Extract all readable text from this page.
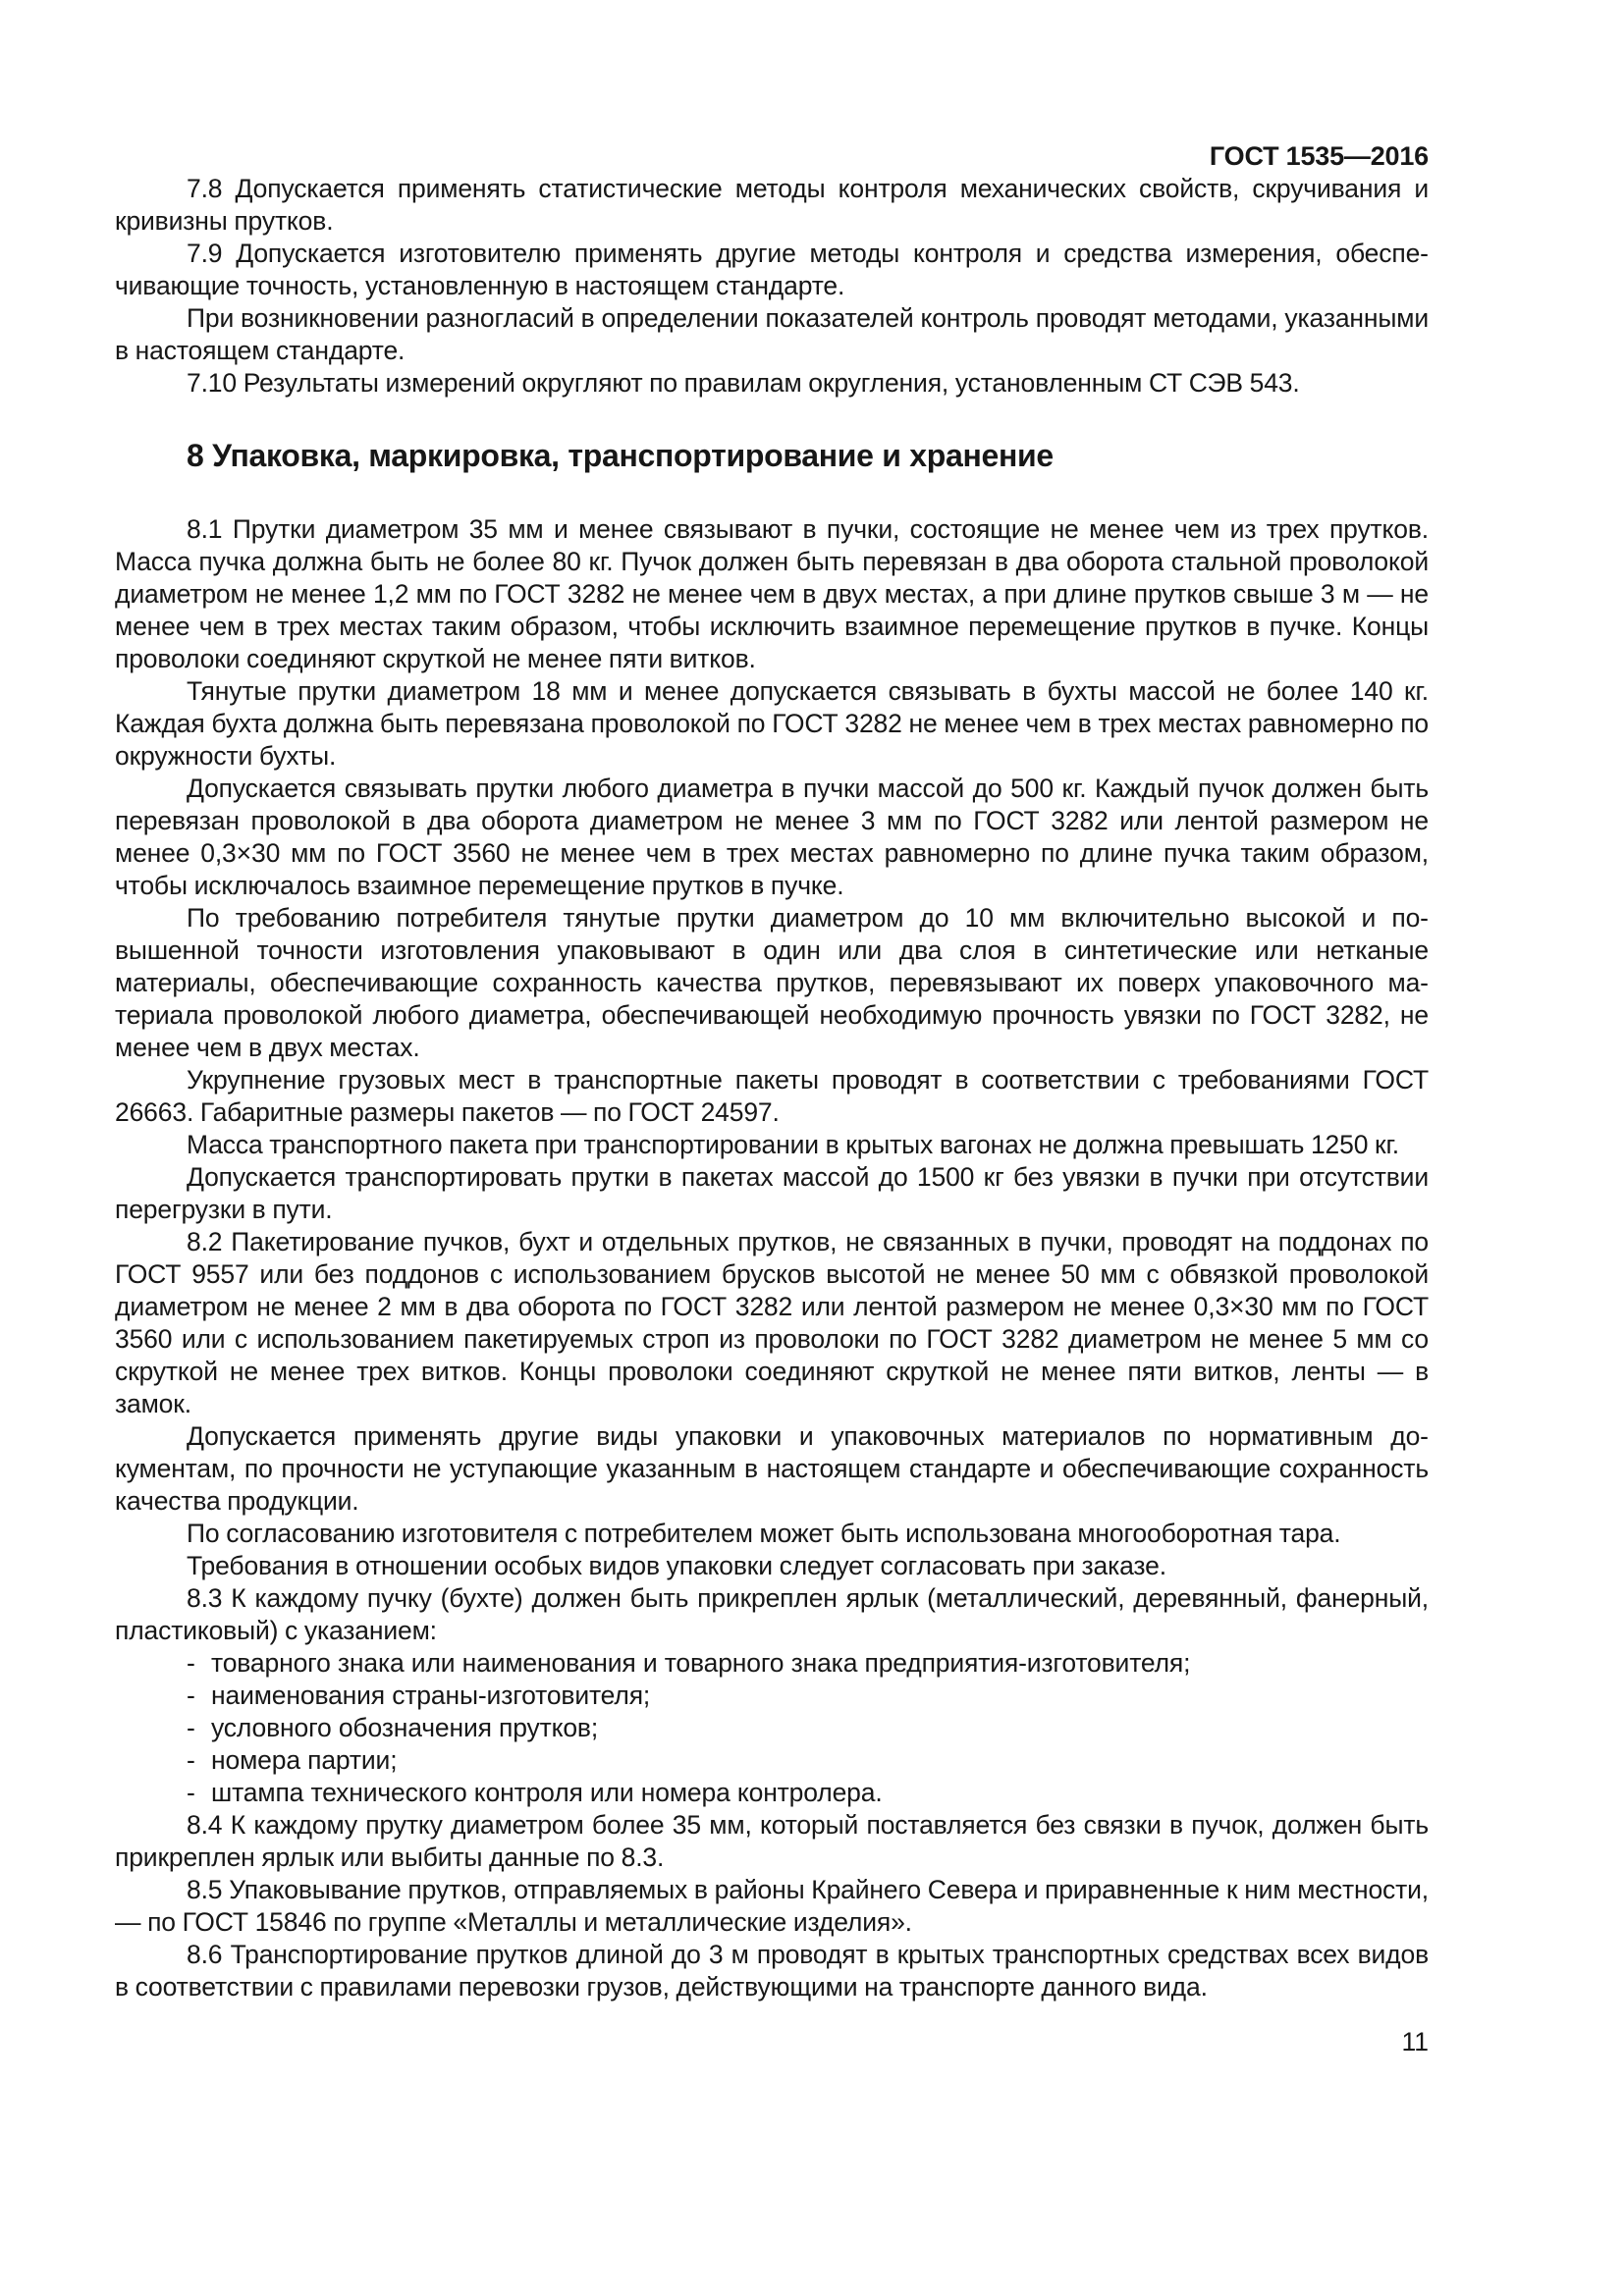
ГОСТ 1535—2016

7.8 Допускается применять статистические методы контроля механических свойств, скручивания и кривизны прутков.

7.9 Допускается изготовителю применять другие методы контроля и средства измерения, обеспечивающие точность, установленную в настоящем стандарте.

При возникновении разногласий в определении показателей контроль проводят методами, указанными в настоящем стандарте.

7.10 Результаты измерений округляют по правилам округления, установленным СТ СЭВ 543.

8 Упаковка, маркировка, транспортирование и хранение

8.1 Прутки диаметром 35 мм и менее связывают в пучки, состоящие не менее чем из трех прутков. Масса пучка должна быть не более 80 кг. Пучок должен быть перевязан в два оборота стальной проволокой диаметром не менее 1,2 мм по ГОСТ 3282 не менее чем в двух местах, а при длине прутков свыше 3 м — не менее чем в трех местах таким образом, чтобы исключить взаимное перемещение прутков в пучке. Концы проволоки соединяют скруткой не менее пяти витков.

Тянутые прутки диаметром 18 мм и менее допускается связывать в бухты массой не более 140 кг. Каждая бухта должна быть перевязана проволокой по ГОСТ 3282 не менее чем в трех местах равномерно по окружности бухты.

Допускается связывать прутки любого диаметра в пучки массой до 500 кг. Каждый пучок должен быть перевязан проволокой в два оборота диаметром не менее 3 мм по ГОСТ 3282 или лентой размером не менее 0,3×30 мм по ГОСТ 3560 не менее чем в трех местах равномерно по длине пучка таким образом, чтобы исключалось взаимное перемещение прутков в пучке.

По требованию потребителя тянутые прутки диаметром до 10 мм включительно высокой и повышенной точности изготовления упаковывают в один или два слоя в синтетические или нетканые материалы, обеспечивающие сохранность качества прутков, перевязывают их поверх упаковочного материала проволокой любого диаметра, обеспечивающей необходимую прочность увязки по ГОСТ 3282, не менее чем в двух местах.

Укрупнение грузовых мест в транспортные пакеты проводят в соответствии с требованиями ГОСТ 26663. Габаритные размеры пакетов — по ГОСТ 24597.

Масса транспортного пакета при транспортировании в крытых вагонах не должна превышать 1250 кг.

Допускается транспортировать прутки в пакетах массой до 1500 кг без увязки в пучки при отсутствии перегрузки в пути.

8.2 Пакетирование пучков, бухт и отдельных прутков, не связанных в пучки, проводят на поддонах по ГОСТ 9557 или без поддонов с использованием брусков высотой не менее 50 мм с обвязкой проволокой диаметром не менее 2 мм в два оборота по ГОСТ 3282 или лентой размером не менее 0,3×30 мм по ГОСТ 3560 или с использованием пакетируемых строп из проволоки по ГОСТ 3282 диаметром не менее 5 мм со скруткой не менее трех витков. Концы проволоки соединяют скруткой не менее пяти витков, ленты — в замок.

Допускается применять другие виды упаковки и упаковочных материалов по нормативным документам, по прочности не уступающие указанным в настоящем стандарте и обеспечивающие сохранность качества продукции.

По согласованию изготовителя с потребителем может быть использована многооборотная тара.

Требования в отношении особых видов упаковки следует согласовать при заказе.

8.3 К каждому пучку (бухте) должен быть прикреплен ярлык (металлический, деревянный, фанерный, пластиковый) с указанием:

- товарного знака или наименования и товарного знака предприятия-изготовителя;
- наименования страны-изготовителя;
- условного обозначения прутков;
- номера партии;
- штампа технического контроля или номера контролера.

8.4 К каждому прутку диаметром более 35 мм, который поставляется без связки в пучок, должен быть прикреплен ярлык или выбиты данные по 8.3.

8.5 Упаковывание прутков, отправляемых в районы Крайнего Севера и приравненные к ним местности, — по ГОСТ 15846 по группе «Металлы и металлические изделия».

8.6 Транспортирование прутков длиной до 3 м проводят в крытых транспортных средствах всех видов в соответствии с правилами перевозки грузов, действующими на транспорте данного вида.

11
